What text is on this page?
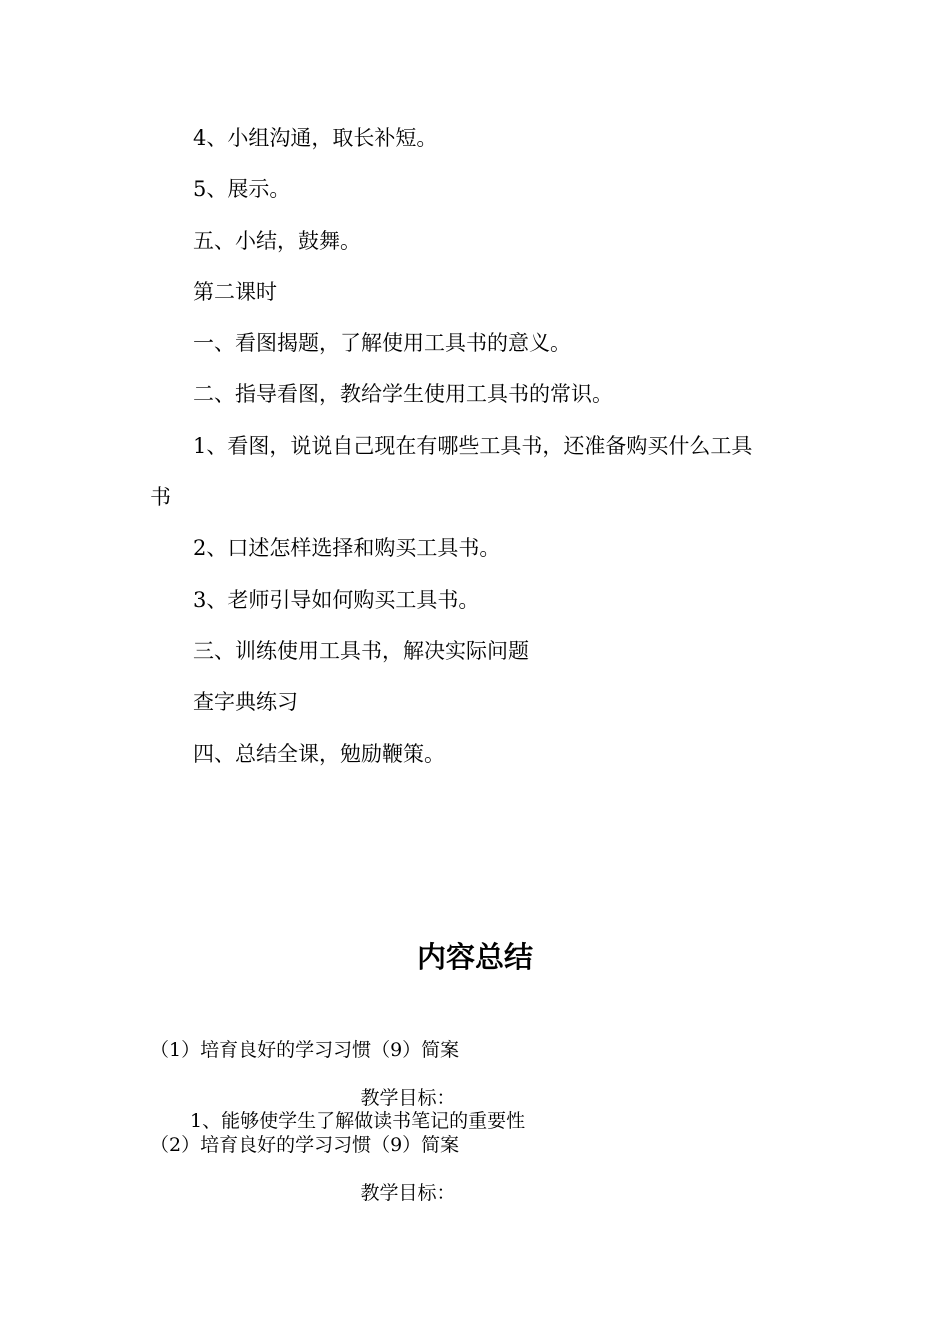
4、小组沟通，取长补短。

5、展示。

五、小结，鼓舞。

第二课时

一、看图揭题，了解使用工具书的意义。

二、指导看图，教给学生使用工具书的常识。

1、看图，说说自己现在有哪些工具书，还准备购买什么工具

书

2、口述怎样选择和购买工具书。

3、老师引导如何购买工具书。

三、训练使用工具书，解决实际问题

查字典练习

四、总结全课，勉励鞭策。

内容总结

（1）培育良好的学习习惯（9）简案

教学目标：

1、能够使学生了解做读书笔记的重要性

（2）培育良好的学习习惯（9）简案

教学目标：
